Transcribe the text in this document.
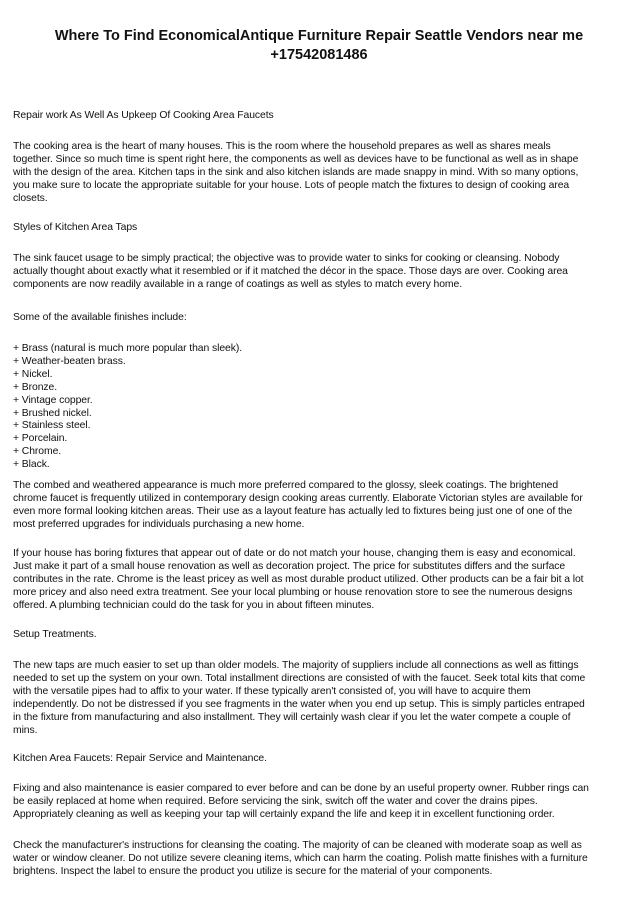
Where To Find EconomicalAntique Furniture Repair Seattle Vendors near me
+17542081486
Repair work As Well As Upkeep Of Cooking Area Faucets
The cooking area is the heart of many houses. This is the room where the household prepares as well as shares meals
together. Since so much time is spent right here, the components as well as devices have to be functional as well as in shape
with the design of the area. Kitchen taps in the sink and also kitchen islands are made snappy in mind. With so many options,
you make sure to locate the appropriate suitable for your house. Lots of people match the fixtures to design of cooking area
closets.
Styles of Kitchen Area Taps
The sink faucet usage to be simply practical; the objective was to provide water to sinks for cooking or cleansing. Nobody
actually thought about exactly what it resembled or if it matched the décor in the space. Those days are over. Cooking area
components are now readily available in a range of coatings as well as styles to match every home.
Some of the available finishes include:
+ Brass (natural is much more popular than sleek).
+ Weather-beaten brass.
+ Nickel.
+ Bronze.
+ Vintage copper.
+ Brushed nickel.
+ Stainless steel.
+ Porcelain.
+ Chrome.
+ Black.
The combed and weathered appearance is much more preferred compared to the glossy, sleek coatings. The brightened
chrome faucet is frequently utilized in contemporary design cooking areas currently. Elaborate Victorian styles are available for
even more formal looking kitchen areas. Their use as a layout feature has actually led to fixtures being just one of one of the
most preferred upgrades for individuals purchasing a new home.
If your house has boring fixtures that appear out of date or do not match your house, changing them is easy and economical.
Just make it part of a small house renovation as well as decoration project. The price for substitutes differs and the surface
contributes in the rate. Chrome is the least pricey as well as most durable product utilized. Other products can be a fair bit a lot
more pricey and also need extra treatment. See your local plumbing or house renovation store to see the numerous designs
offered. A plumbing technician could do the task for you in about fifteen minutes.
Setup Treatments.
The new taps are much easier to set up than older models. The majority of suppliers include all connections as well as fittings
needed to set up the system on your own. Total installment directions are consisted of with the faucet. Seek total kits that come
with the versatile pipes had to affix to your water. If these typically aren't consisted of, you will have to acquire them
independently. Do not be distressed if you see fragments in the water when you end up setup. This is simply particles entraped
in the fixture from manufacturing and also installment. They will certainly wash clear if you let the water compete a couple of
mins.
Kitchen Area Faucets: Repair Service and Maintenance.
Fixing and also maintenance is easier compared to ever before and can be done by an useful property owner. Rubber rings can
be easily replaced at home when required. Before servicing the sink, switch off the water and cover the drains pipes.
Appropriately cleaning as well as keeping your tap will certainly expand the life and keep it in excellent functioning order.
Check the manufacturer's instructions for cleansing the coating. The majority of can be cleaned with moderate soap as well as
water or window cleaner. Do not utilize severe cleaning items, which can harm the coating. Polish matte finishes with a furniture
brightens. Inspect the label to ensure the product you utilize is secure for the material of your components.
